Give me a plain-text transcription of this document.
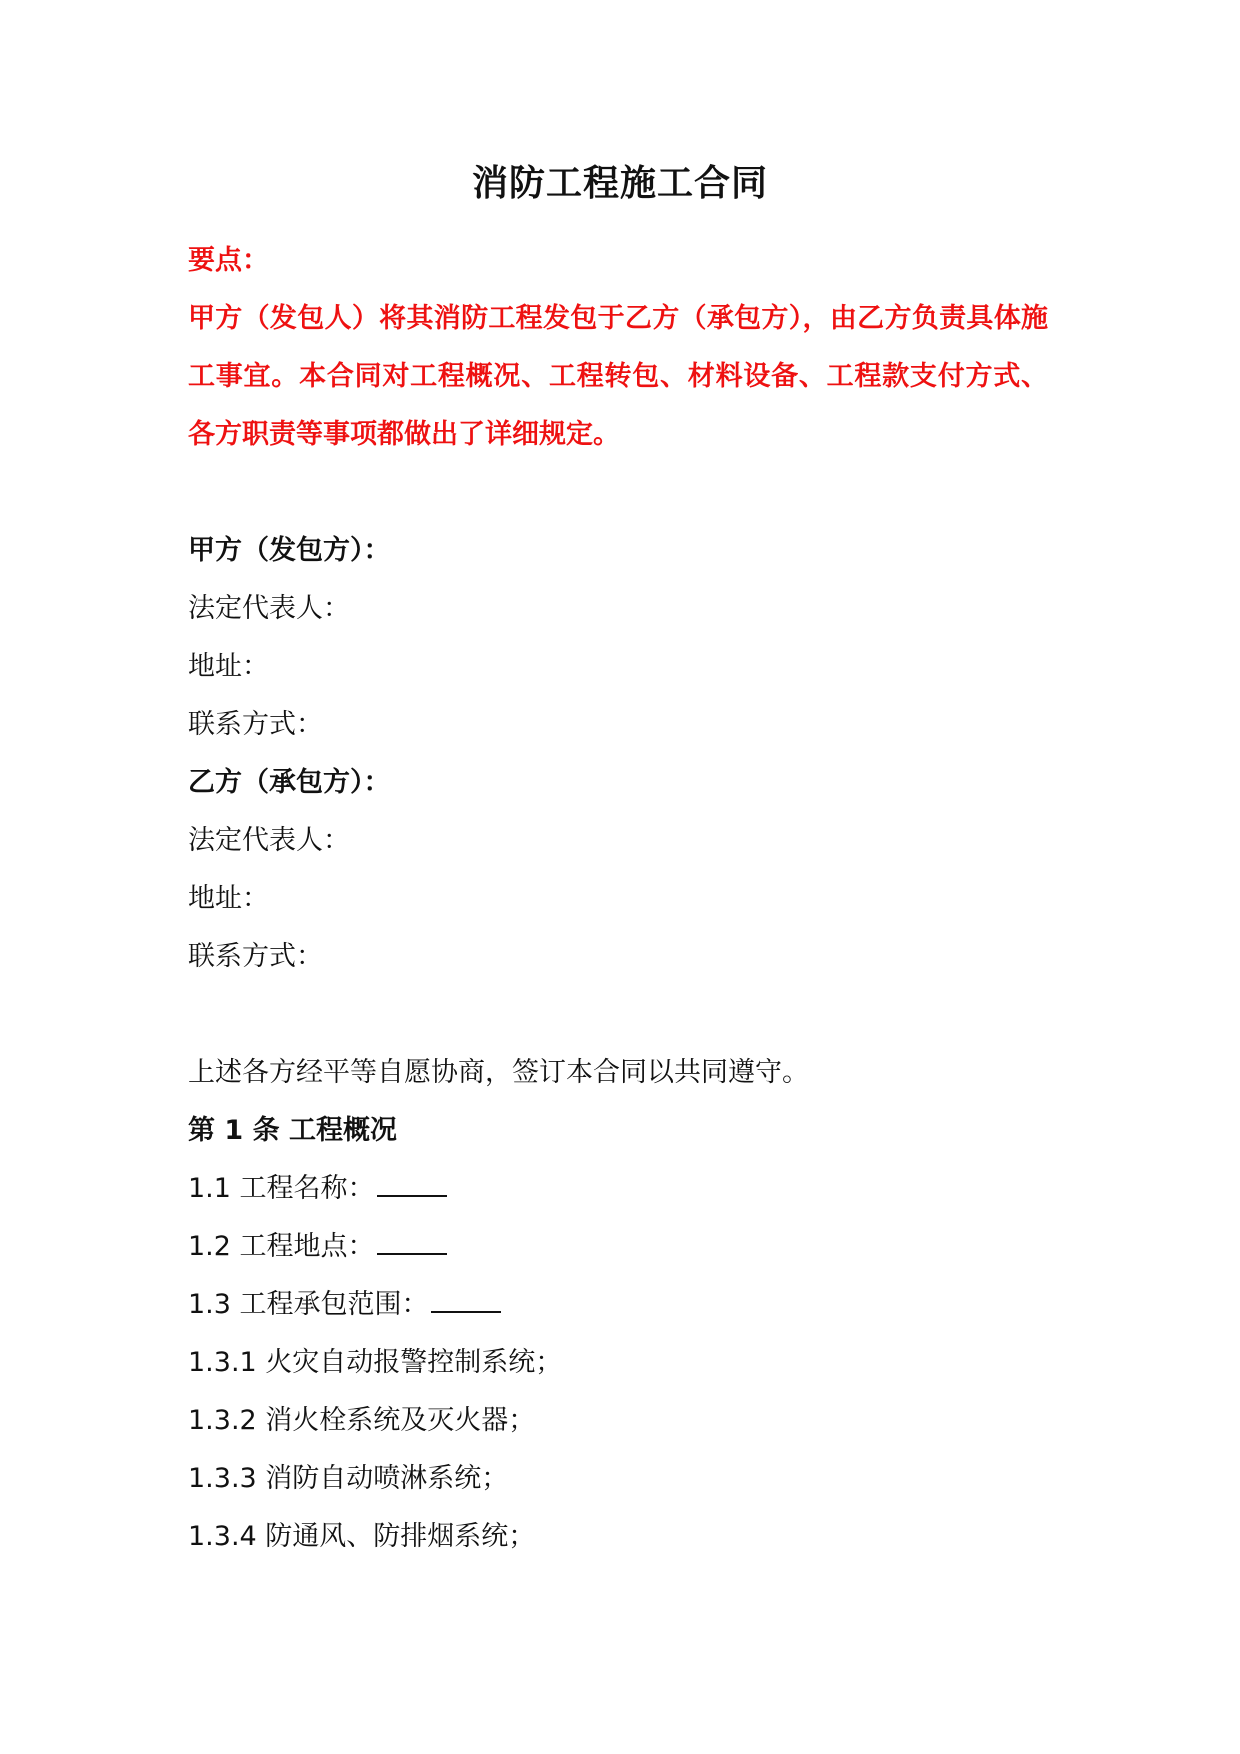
消防工程施工合同

要点：

甲方（发包人）将其消防工程发包于乙方（承包方），由乙方负责具体施工事宜。本合同对工程概况、工程转包、材料设备、工程款支付方式、各方职责等事项都做出了详细规定。

甲方（发包方）：

法定代表人：

地址：

联系方式：

乙方（承包方）：

法定代表人：

地址：

联系方式：

上述各方经平等自愿协商，签订本合同以共同遵守。

第 1 条 工程概况

1.1 工程名称：

1.2 工程地点：

1.3 工程承包范围：

1.3.1 火灾自动报警控制系统；

1.3.2 消火栓系统及灭火器；

1.3.3 消防自动喷淋系统；

1.3.4 防通风、防排烟系统；
